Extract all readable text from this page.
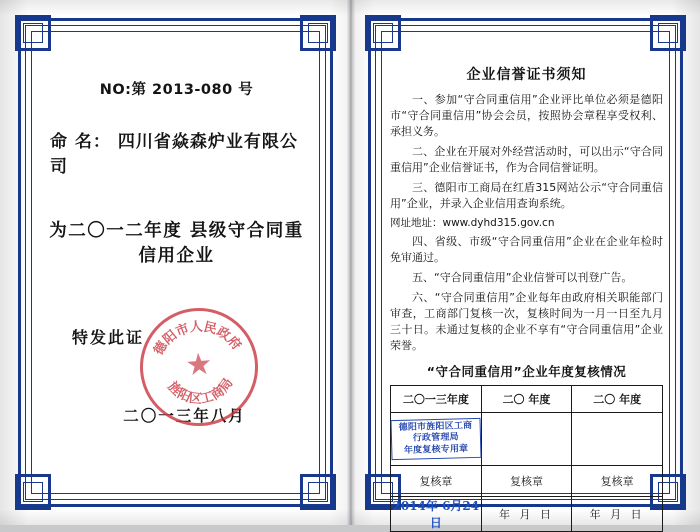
NO:第 2013-080 号
命 名： 四川省焱森炉业有限公司
为二〇一二年度 县级守合同重信用企业
特发此证
二〇一三年八月
德阳市人民政府
旌阳区工商局
★
企业信誉证书须知
一、参加“守合同重信用”企业评比单位必须是德阳市“守合同重信用”协会会员，按照协会章程享受权利、承担义务。
二、企业在开展对外经营活动时，可以出示“守合同重信用”企业信誉证书，作为合同信誉证明。
三、德阳市工商局在红盾315网站公示“守合同重信用”企业，并录入企业信用查询系统。
网址地址：www.dyhd315.gov.cn
四、省级、市级“守合同重信用”企业在企业年检时免审通过。
五、“守合同重信用”企业信誉可以刊登广告。
六、“守合同重信用”企业每年由政府相关职能部门审查，工商部门复核一次，复核时间为一月一日至九月三十日。未通过复核的企业不享有“守合同重信用”企业荣誉。
“守合同重信用”企业年度复核情况
二〇一三年度	二〇 年度	二〇 年度
德阳市旌阳区工商行政管理局
年度复核专用章		
复核章	复核章	复核章
2014年 6月24日	年 月 日	年 月 日
